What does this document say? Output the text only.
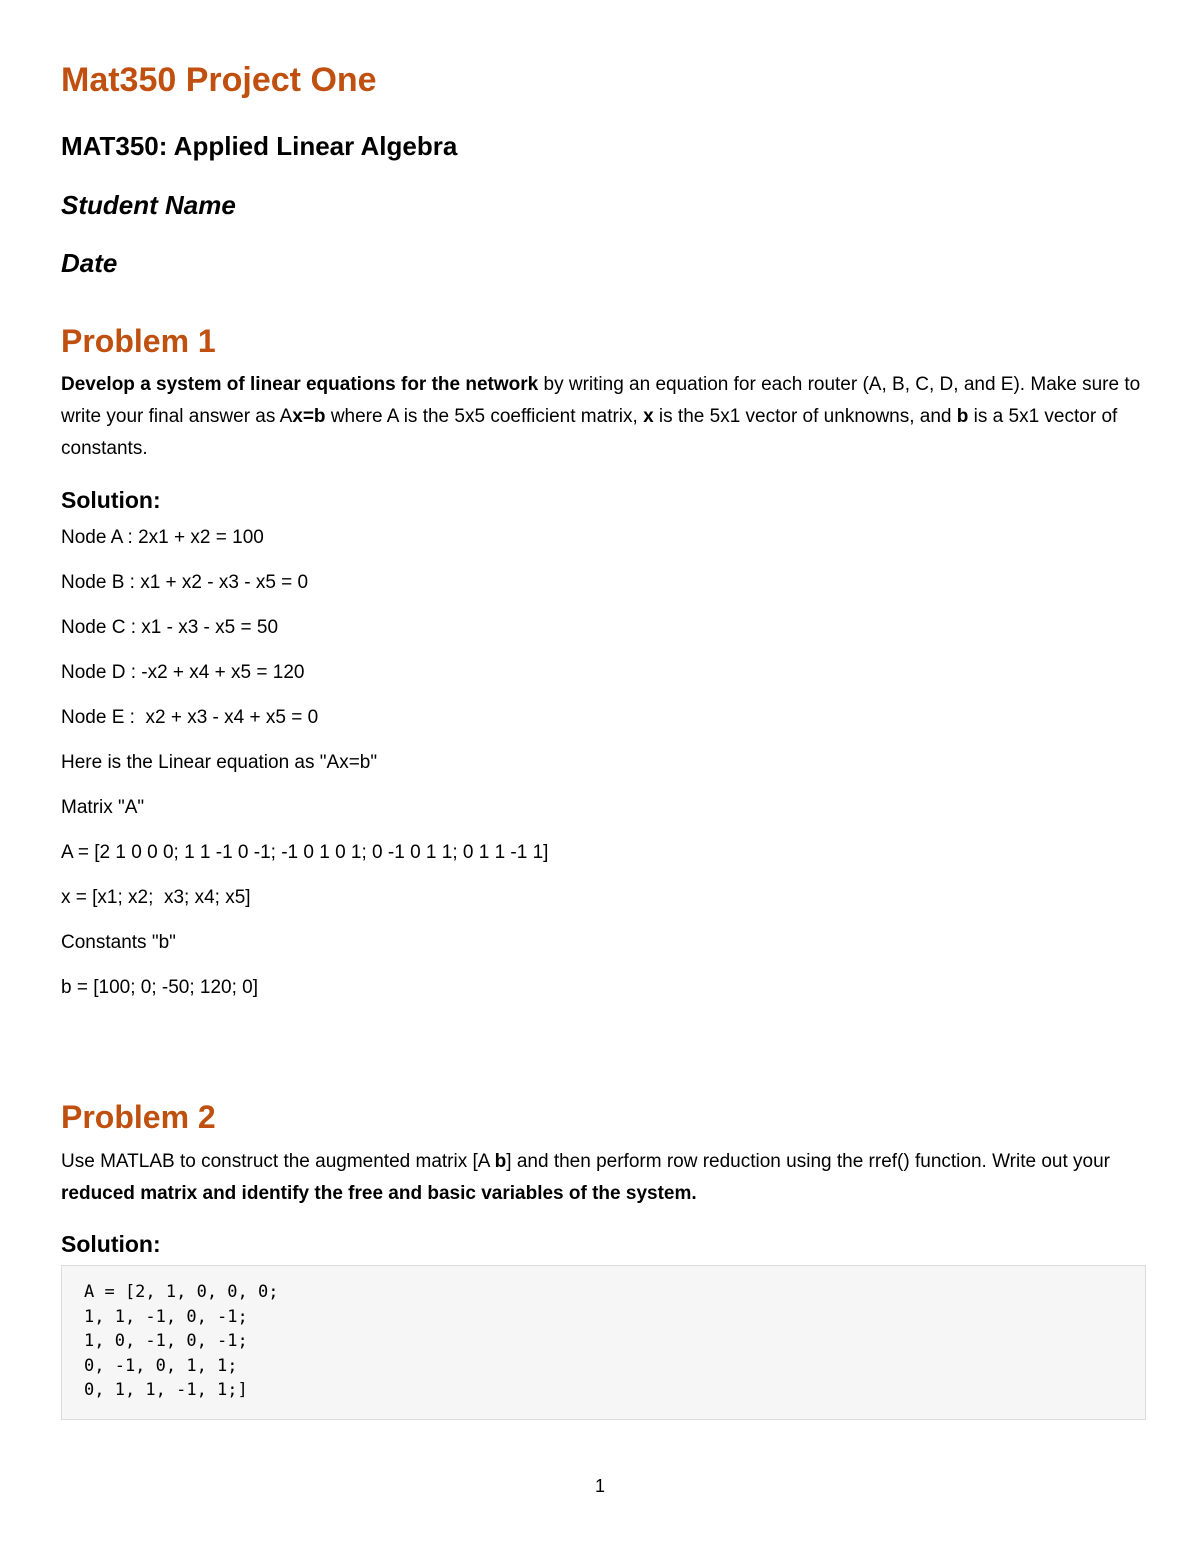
Mat350 Project One
MAT350: Applied Linear Algebra
Student Name
Date
Problem 1

Develop a system of linear equations for the network by writing an equation for each router (A, B, C, D, and E). Make sure to write your final answer as Ax=b where A is the 5x5 coefficient matrix, x is the 5x1 vector of unknowns, and b is a 5x1 vector of constants.

Solution:
Node A : 2x1 + x2 = 100
Node B : x1 + x2 - x3 - x5 = 0
Node C : x1 - x3 - x5 = 50
Node D : -x2 + x4 + x5 = 120
Node E :  x2 + x3 - x4 + x5 = 0
Here is the Linear equation as "Ax=b"
Matrix "A"
A = [2 1 0 0 0; 1 1 -1 0 -1; -1 0 1 0 1; 0 -1 0 1 1; 0 1 1 -1 1]
x = [x1; x2;  x3; x4; x5]
Constants "b"
b = [100; 0; -50; 120; 0]
Problem 2

Use MATLAB to construct the augmented matrix [A b] and then perform row reduction using the rref() function. Write out your reduced matrix and identify the free and basic variables of the system.

Solution:
A = [2, 1, 0, 0, 0;
1, 1, -1, 0, -1;
1, 0, -1, 0, -1;
0, -1, 0, 1, 1;
0, 1, 1, -1, 1;]
1
